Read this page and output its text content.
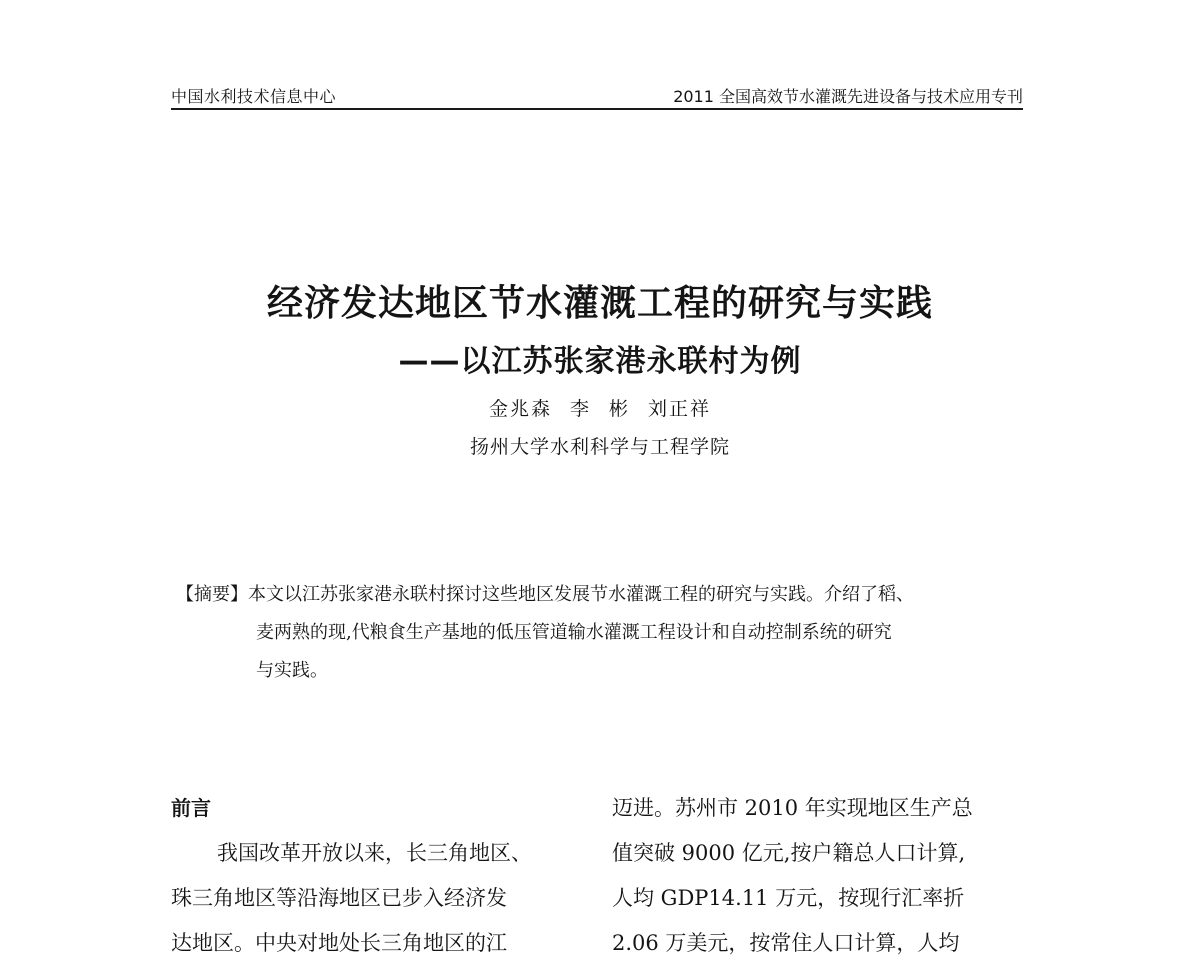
中国水利技术信息中心	2011 全国高效节水灌溉先进设备与技术应用专刊
经济发达地区节水灌溉工程的研究与实践
——以江苏张家港永联村为例
金兆森 李 彬 刘正祥
扬州大学水利科学与工程学院
【摘要】本文以江苏张家港永联村探讨这些地区发展节水灌溉工程的研究与实践。介绍了稻、
麦两熟的现,代粮食生产基地的低压管道输水灌溉工程设计和自动控制系统的研究
与实践。
前言
我国改革开放以来，长三角地区、
珠三角地区等沿海地区已步入经济发
达地区。中央对地处长三角地区的江
迈进。苏州市 2010 年实现地区生产总
值突破 9000 亿元,按户籍总人口计算,
人均 GDP14.11 万元，按现行汇率折
2.06 万美元，按常住人口计算，人均
